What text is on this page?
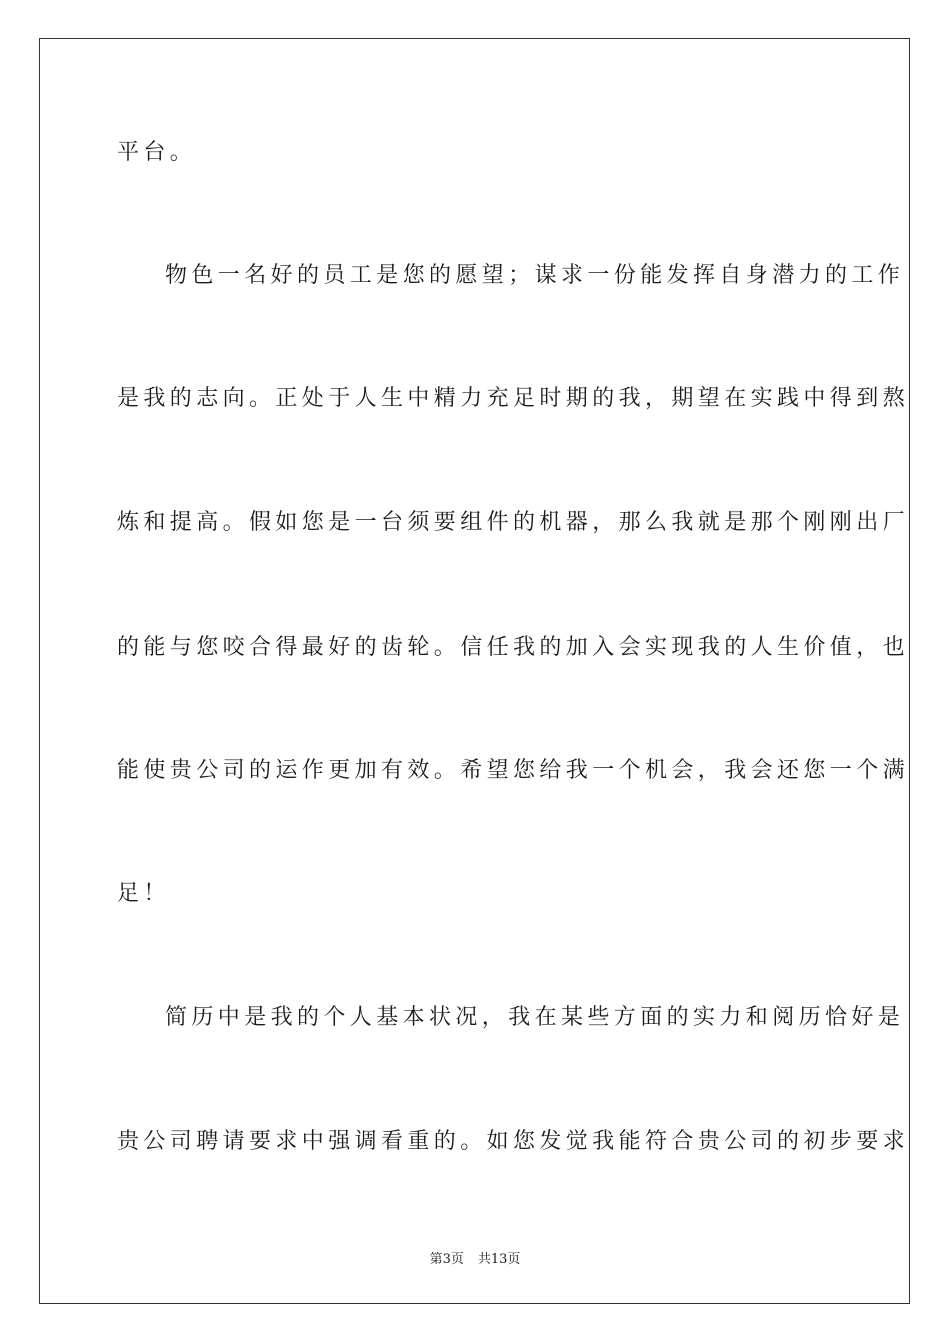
平台。
物色一名好的员工是您的愿望；谋求一份能发挥自身潜力的工作
是我的志向。正处于人生中精力充足时期的我，期望在实践中得到熬
炼和提高。假如您是一台须要组件的机器，那么我就是那个刚刚出厂
的能与您咬合得最好的齿轮。信任我的加入会实现我的人生价值，也
能使贵公司的运作更加有效。希望您给我一个机会，我会还您一个满
足！
简历中是我的个人基本状况，我在某些方面的实力和阅历恰好是
贵公司聘请要求中强调看重的。如您发觉我能符合贵公司的初步要求
第3页 共13页
